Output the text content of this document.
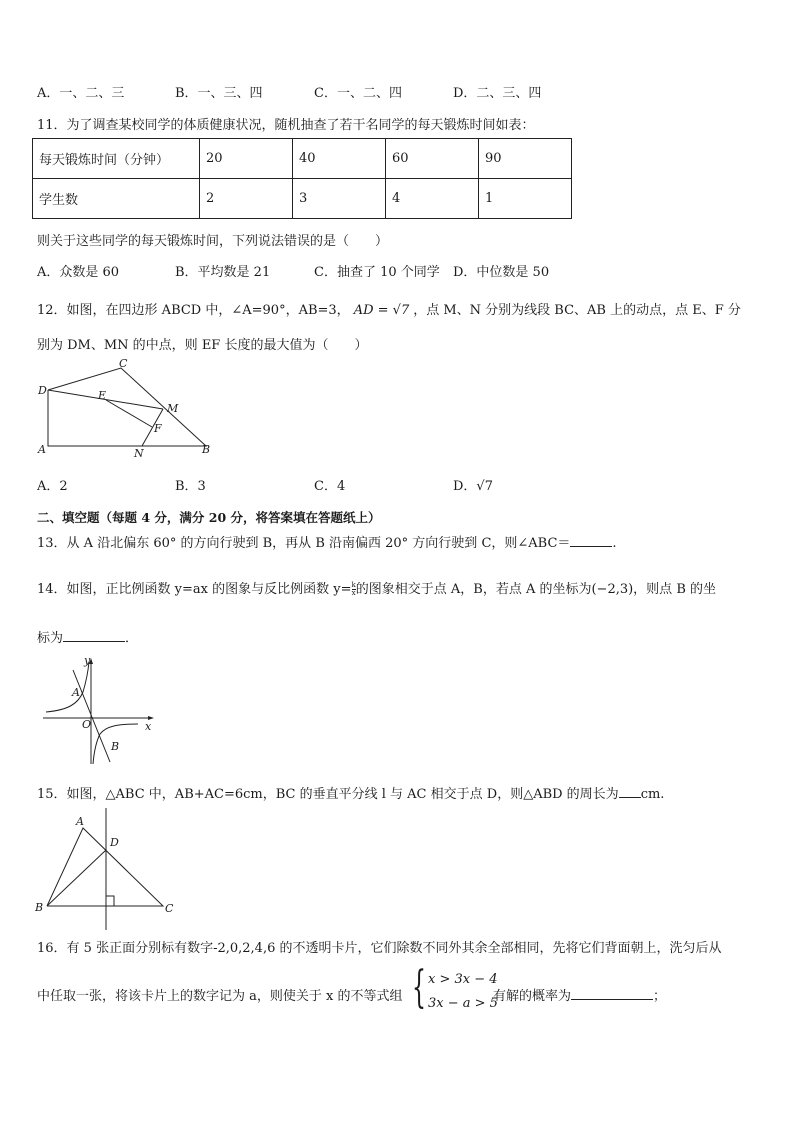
A．一、二、三	B．一、三、四	C．一、二、四	D．二、三、四
11．为了调查某校同学的体质健康状况，随机抽查了若干名同学的每天锻炼时间如表：
每天锻炼时间（分钟）	20	40	60	90
学生数	2	3	4	1
则关于这些同学的每天锻炼时间，下列说法错误的是（　　）
A．众数是 60	B．平均数是 21	C．抽查了 10 个同学 D．中位数是 50
12．如图，在四边形 ABCD 中，∠A=90°，AB=3， AD = √7 ，点 M、N 分别为线段 BC、AB 上的动点，点 E、F 分
别为 DM、MN 的中点，则 EF 长度的最大值为（　　）
D
C
E
M
F
A	N	B
A．2	B．3	C．4	D．√7
二、填空题（每题 4 分，满分 20 分，将答案填在答题纸上）
13．从 A 沿北偏东 60° 的方向行驶到 B，再从 B 沿南偏西 20° 方向行驶到 C，则∠ABC＝	.
14．如图，正比例函数 y=ax 的图象与反比例函数 $y= \frac{k}{x}$ 的图象相交于点 A，B，若点 A 的坐标为(−2,3)，则点 B 的坐
标为	．
y
A
O	x
B
15．如图，△ABC 中，AB+AC=6cm，BC 的垂直平分线 l 与 AC 相交于点 D，则△ABD 的周长为 cm.
A
D
B	C
16．有 5 张正面分别标有数字-2,0,2,4,6 的不透明卡片，它们除数不同外其余全部相同，先将它们背面朝上，洗匀后从
中任取一张，将该卡片上的数字记为 a，则使关于 x 的不等式组 { x > 3x − 4
3x − a > 5
有解的概率为	；
